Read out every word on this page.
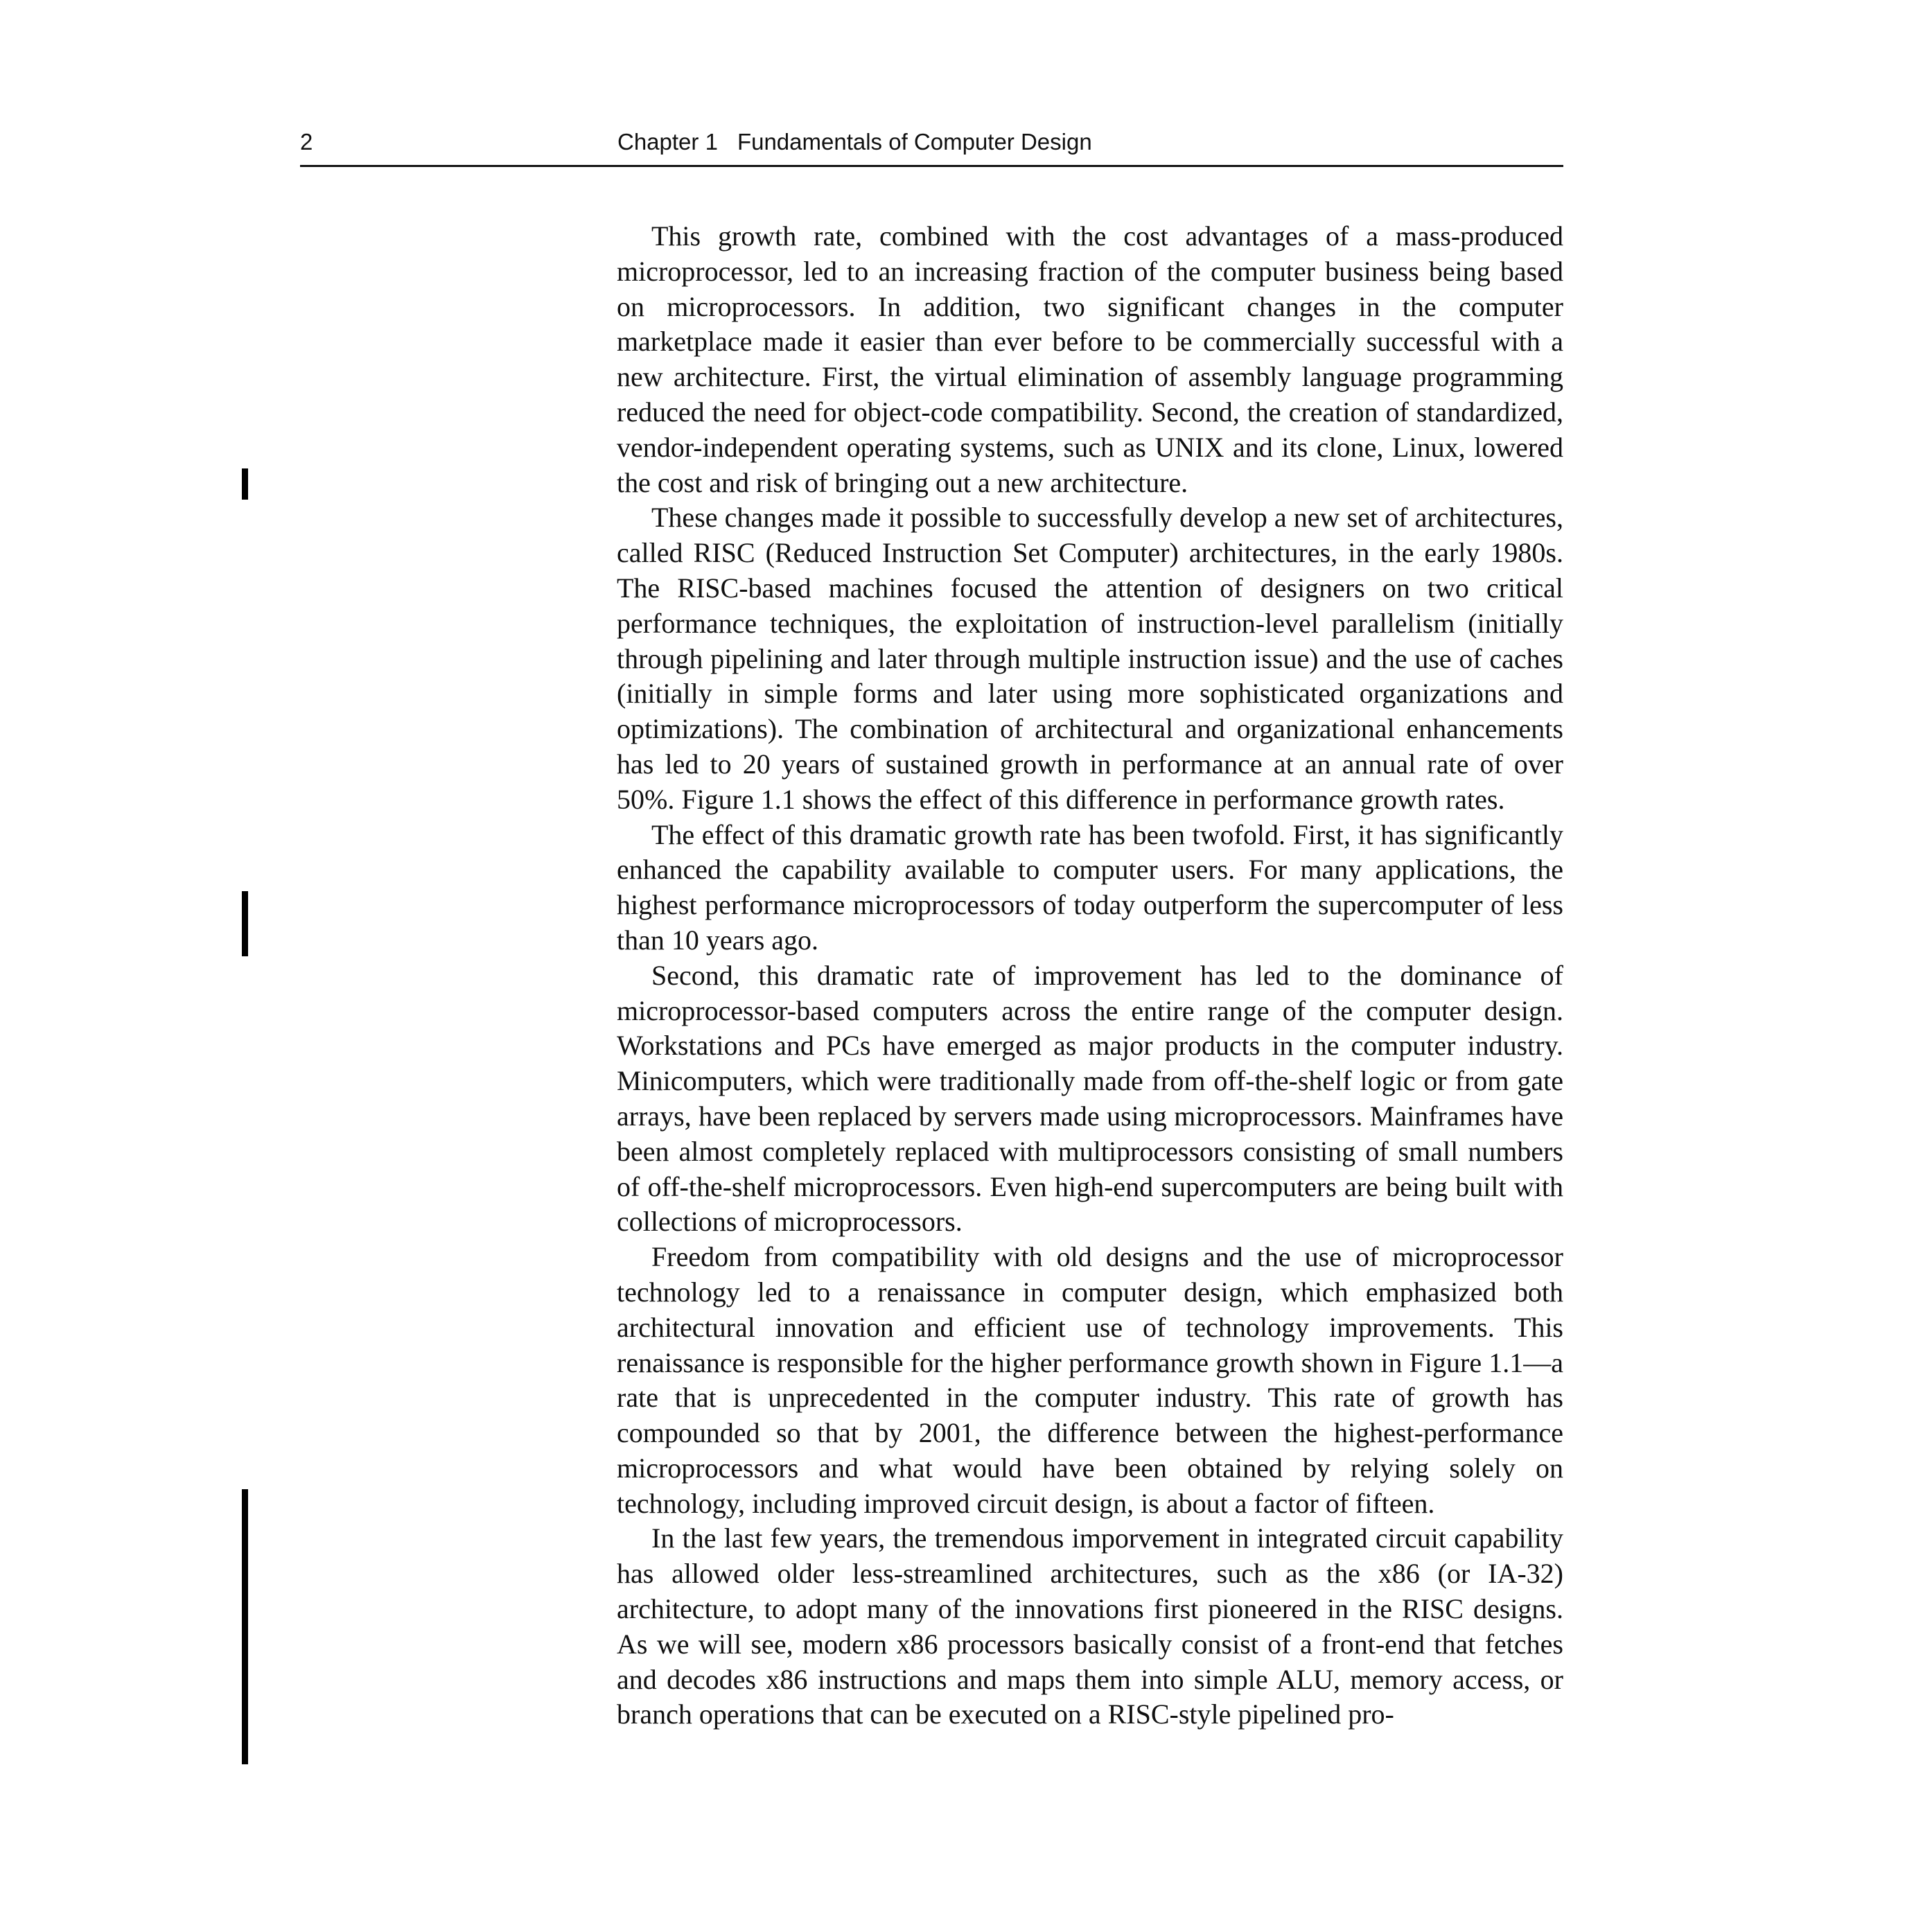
2	Chapter 1 Fundamentals of Computer Design

This growth rate, combined with the cost advantages of a mass-produced microprocessor, led to an increasing fraction of the computer business being based on microprocessors. In addition, two significant changes in the computer marketplace made it easier than ever before to be commercially successful with a new architecture. First, the virtual elimination of assembly language programming reduced the need for object-code compatibility. Second, the creation of standardized, vendor-independent operating systems, such as UNIX and its clone, Linux, lowered the cost and risk of bringing out a new architecture.

These changes made it possible to successfully develop a new set of architectures, called RISC (Reduced Instruction Set Computer) architectures, in the early 1980s. The RISC-based machines focused the attention of designers on two critical performance techniques, the exploitation of instruction-level parallelism (initially through pipelining and later through multiple instruction issue) and the use of caches (initially in simple forms and later using more sophisticated organizations and optimizations). The combination of architectural and organizational enhancements has led to 20 years of sustained growth in performance at an annual rate of over 50%. Figure 1.1 shows the effect of this difference in performance growth rates.

The effect of this dramatic growth rate has been twofold. First, it has significantly enhanced the capability available to computer users. For many applications, the highest performance microprocessors of today outperform the supercomputer of less than 10 years ago.

Second, this dramatic rate of improvement has led to the dominance of microprocessor-based computers across the entire range of the computer design. Workstations and PCs have emerged as major products in the computer industry. Minicomputers, which were traditionally made from off-the-shelf logic or from gate arrays, have been replaced by servers made using microprocessors. Mainframes have been almost completely replaced with multiprocessors consisting of small numbers of off-the-shelf microprocessors. Even high-end supercomputers are being built with collections of microprocessors.

Freedom from compatibility with old designs and the use of microprocessor technology led to a renaissance in computer design, which emphasized both architectural innovation and efficient use of technology improvements. This renaissance is responsible for the higher performance growth shown in Figure 1.1—a rate that is unprecedented in the computer industry. This rate of growth has compounded so that by 2001, the difference between the highest-performance microprocessors and what would have been obtained by relying solely on technology, including improved circuit design, is about a factor of fifteen.

In the last few years, the tremendous imporvement in integrated circuit capability has allowed older less-streamlined architectures, such as the x86 (or IA-32) architecture, to adopt many of the innovations first pioneered in the RISC designs. As we will see, modern x86 processors basically consist of a front-end that fetches and decodes x86 instructions and maps them into simple ALU, memory access, or branch operations that can be executed on a RISC-style pipelined pro-
